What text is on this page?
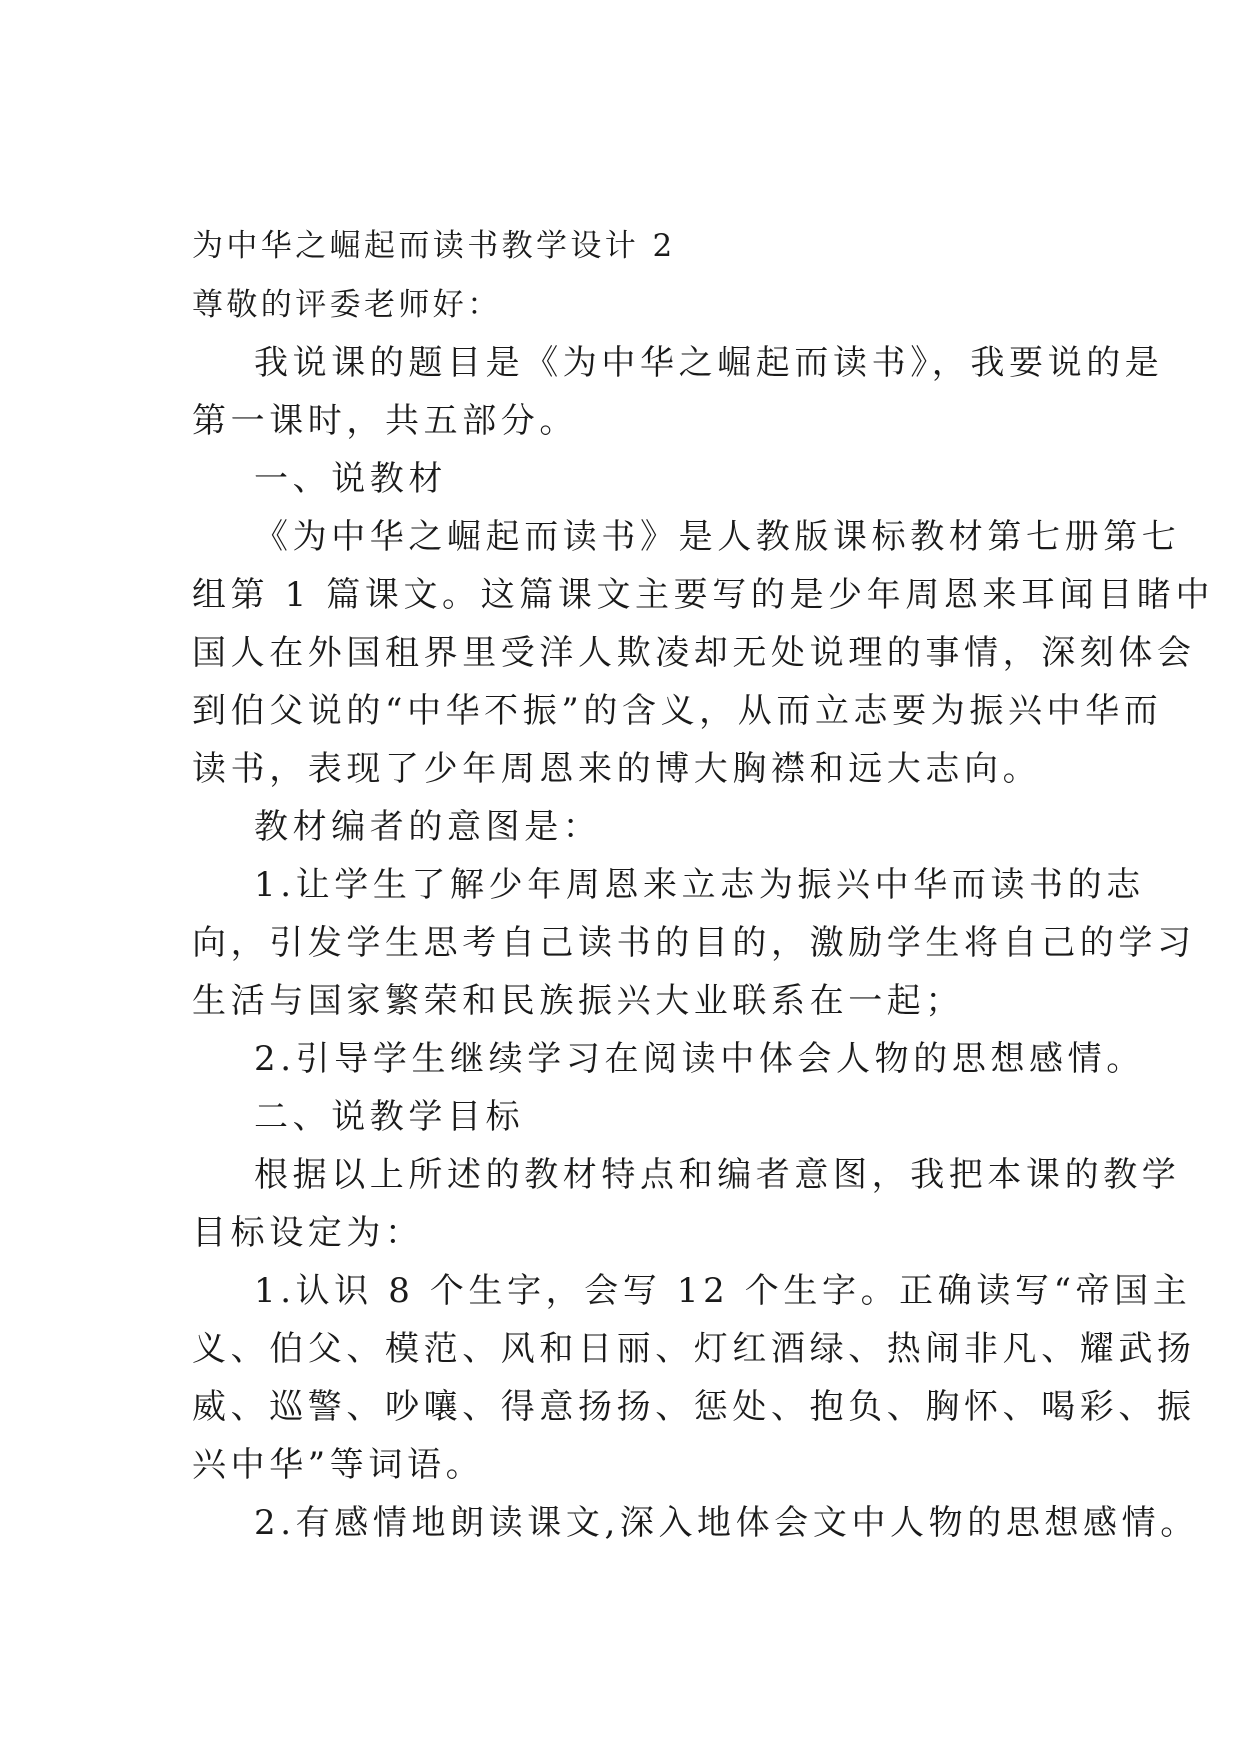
为中华之崛起而读书教学设计 2

尊敬的评委老师好：

我说课的题目是《为中华之崛起而读书》，我要说的是

第一课时，共五部分。

一、说教材

《为中华之崛起而读书》是人教版课标教材第七册第七

组第 1 篇课文。这篇课文主要写的是少年周恩来耳闻目睹中

国人在外国租界里受洋人欺凌却无处说理的事情，深刻体会

到伯父说的“中华不振”的含义，从而立志要为振兴中华而

读书，表现了少年周恩来的博大胸襟和远大志向。

教材编者的意图是：

1.让学生了解少年周恩来立志为振兴中华而读书的志

向，引发学生思考自己读书的目的，激励学生将自己的学习

生活与国家繁荣和民族振兴大业联系在一起；

2.引导学生继续学习在阅读中体会人物的思想感情。

二、说教学目标

根据以上所述的教材特点和编者意图，我把本课的教学

目标设定为：

1.认识 8 个生字，会写 12 个生字。正确读写“帝国主

义、伯父、模范、风和日丽、灯红酒绿、热闹非凡、耀武扬

威、巡警、吵嚷、得意扬扬、惩处、抱负、胸怀、喝彩、振

兴中华”等词语。

2.有感情地朗读课文,深入地体会文中人物的思想感情。
